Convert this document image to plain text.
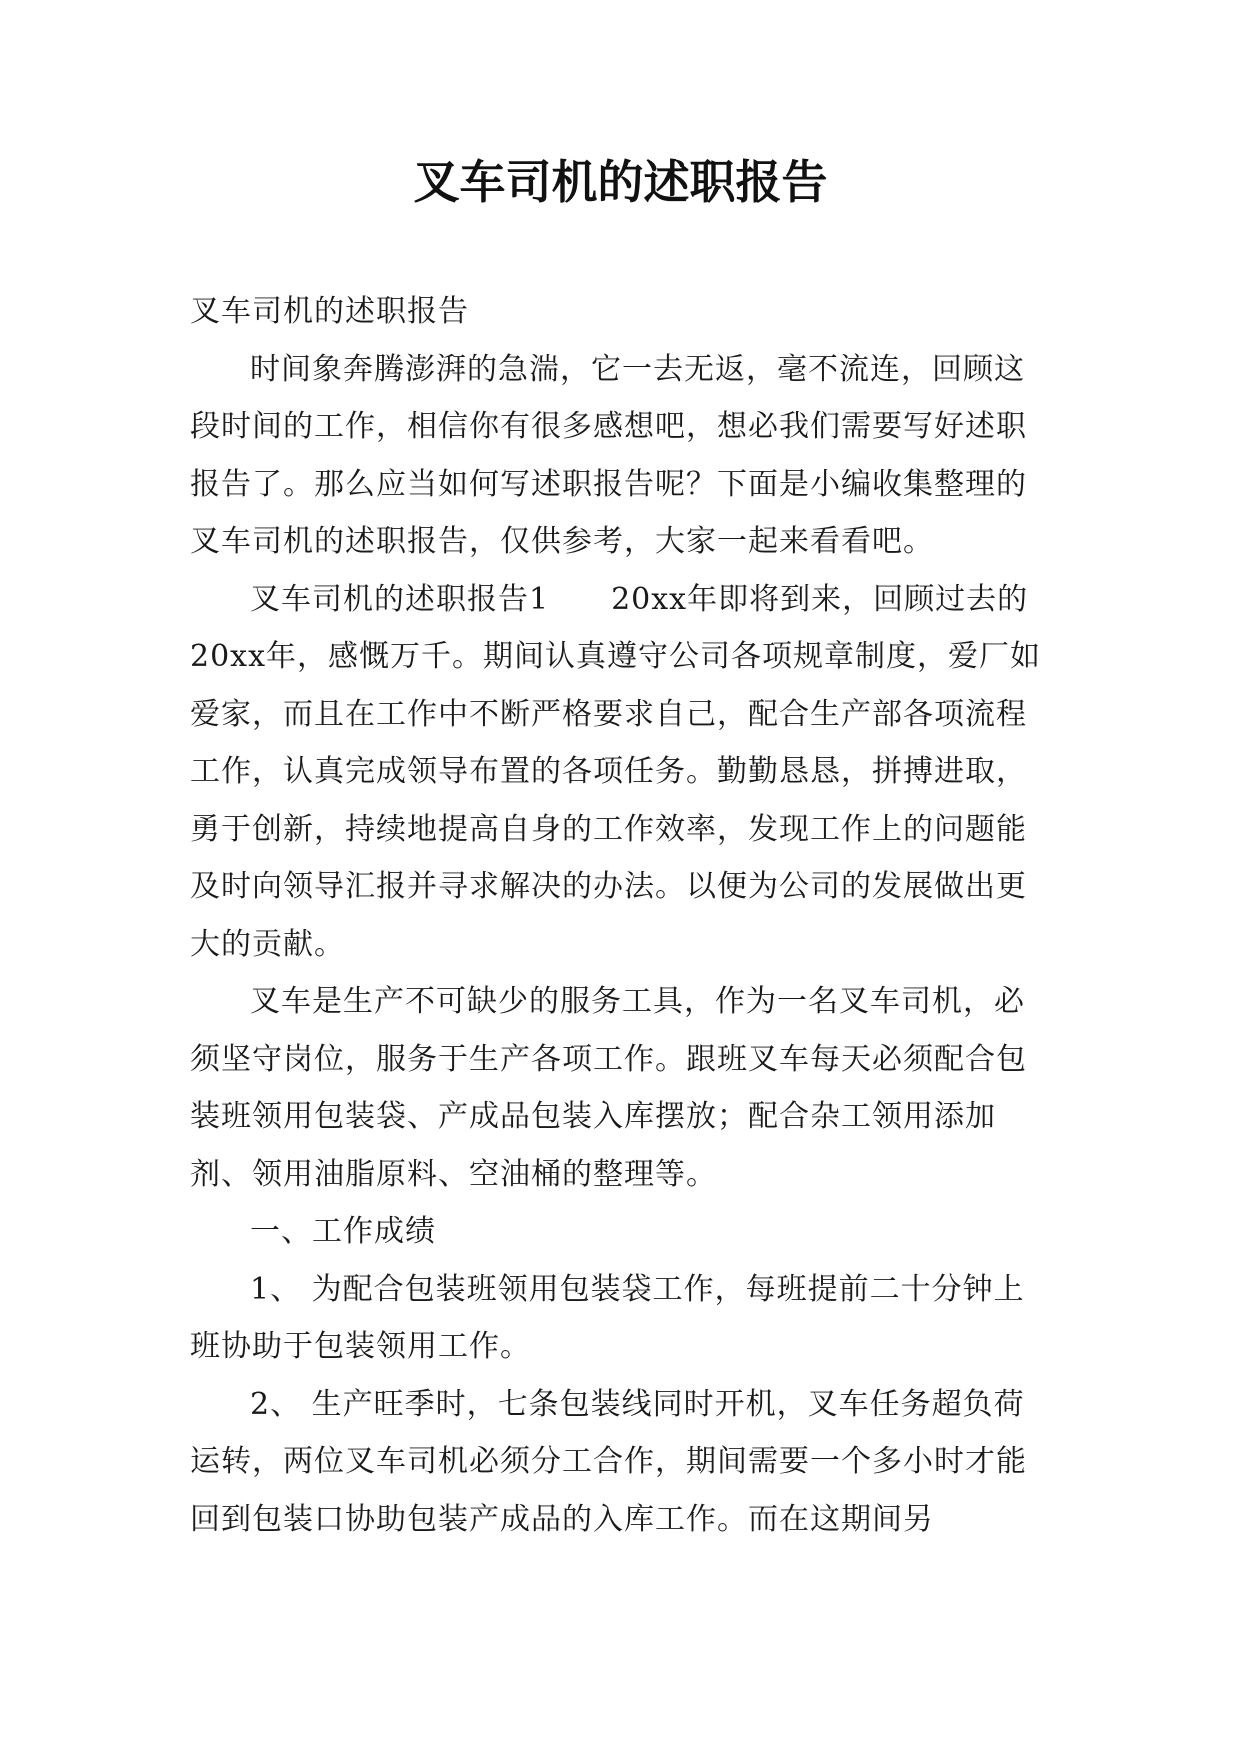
叉车司机的述职报告

叉车司机的述职报告

时间象奔腾澎湃的急湍，它一去无返，毫不流连，回顾这段时间的工作，相信你有很多感想吧，想必我们需要写好述职报告了。那么应当如何写述职报告呢？下面是小编收集整理的叉车司机的述职报告，仅供参考，大家一起来看看吧。

叉车司机的述职报告1 20xx年即将到来，回顾过去的20xx年，感慨万千。期间认真遵守公司各项规章制度，爱厂如爱家，而且在工作中不断严格要求自己，配合生产部各项流程工作，认真完成领导布置的各项任务。勤勤恳恳，拼搏进取，勇于创新，持续地提高自身的工作效率，发现工作上的问题能及时向领导汇报并寻求解决的办法。以便为公司的发展做出更大的贡献。

叉车是生产不可缺少的服务工具，作为一名叉车司机，必须坚守岗位，服务于生产各项工作。跟班叉车每天必须配合包装班领用包装袋、产成品包装入库摆放；配合杂工领用添加剂、领用油脂原料、空油桶的整理等。

一、工作成绩

1、 为配合包装班领用包装袋工作，每班提前二十分钟上班协助于包装领用工作。

2、 生产旺季时，七条包装线同时开机，叉车任务超负荷运转，两位叉车司机必须分工合作，期间需要一个多小时才能回到包装口协助包装产成品的入库工作。而在这期间另
